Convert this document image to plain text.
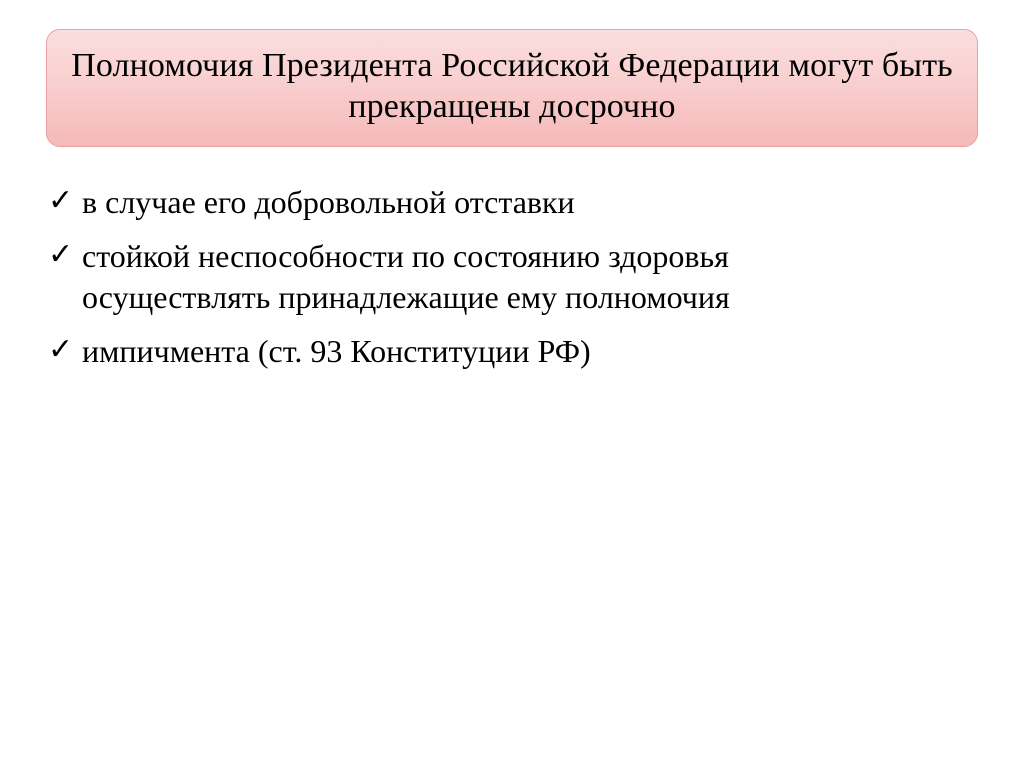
Полномочия Президента Российской Федерации могут быть прекращены досрочно
✓ в случае его добровольной отставки
✓ стойкой неспособности по состоянию здоровья осуществлять принадлежащие ему полномочия
✓ импичмента (ст. 93 Конституции РФ)
